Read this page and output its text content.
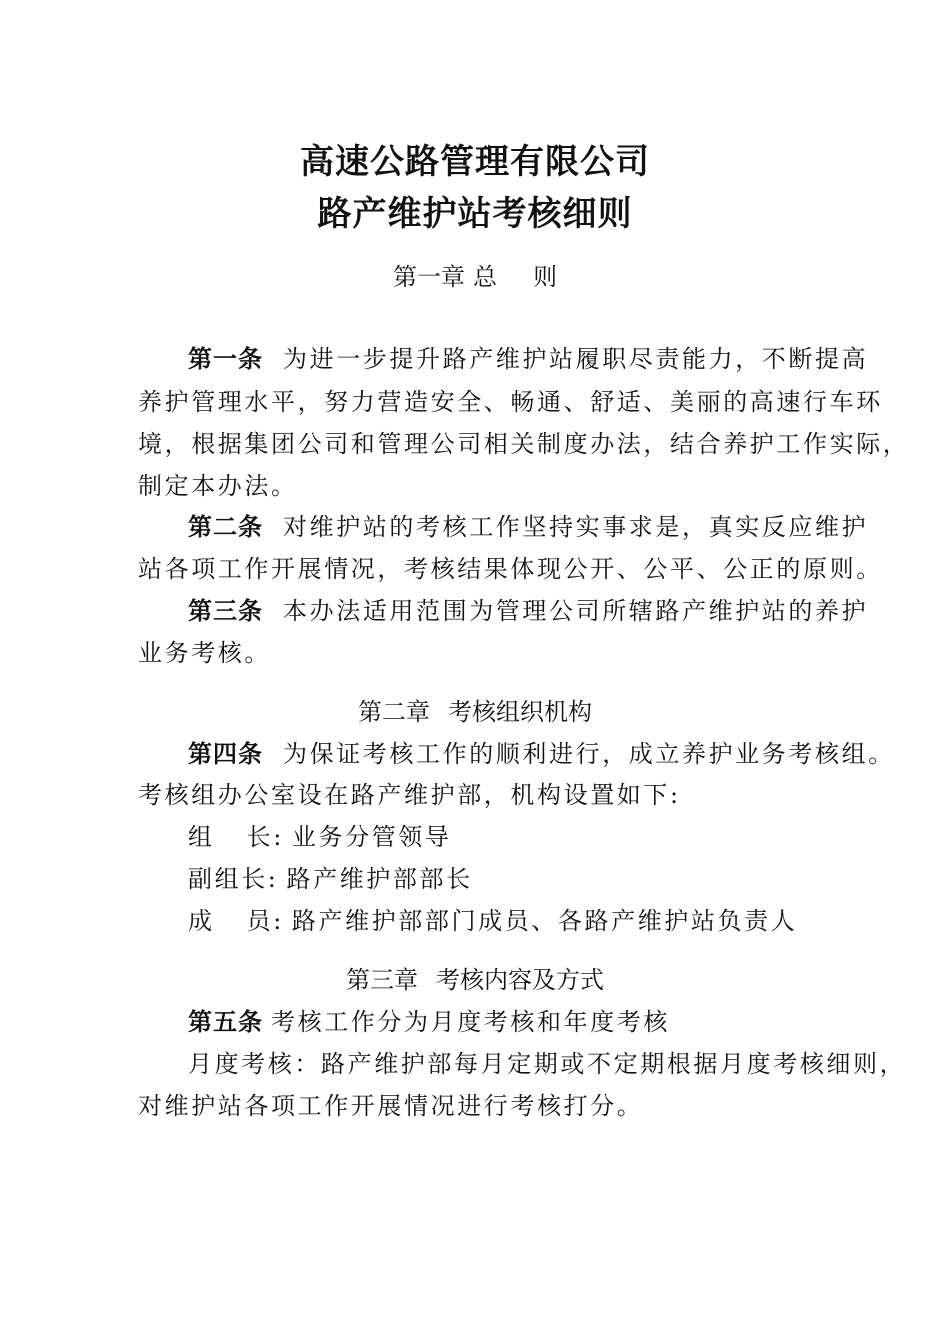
高速公路管理有限公司
路产维护站考核细则
第一章 总 则
第一条 为进一步提升路产维护站履职尽责能力，不断提高
养护管理水平，努力营造安全、畅通、舒适、美丽的高速行车环
境，根据集团公司和管理公司相关制度办法，结合养护工作实际，
制定本办法。
第二条 对维护站的考核工作坚持实事求是，真实反应维护
站各项工作开展情况，考核结果体现公开、公平、公正的原则。
第三条 本办法适用范围为管理公司所辖路产维护站的养护
业务考核。
第二章 考核组织机构
第四条 为保证考核工作的顺利进行，成立养护业务考核组。
考核组办公室设在路产维护部，机构设置如下:
组 长: 业务分管领导
副组长: 路产维护部部长
成 员: 路产维护部部门成员、各路产维护站负责人
第三章 考核内容及方式
第五条 考核工作分为月度考核和年度考核
月度考核：路产维护部每月定期或不定期根据月度考核细则，
对维护站各项工作开展情况进行考核打分。
